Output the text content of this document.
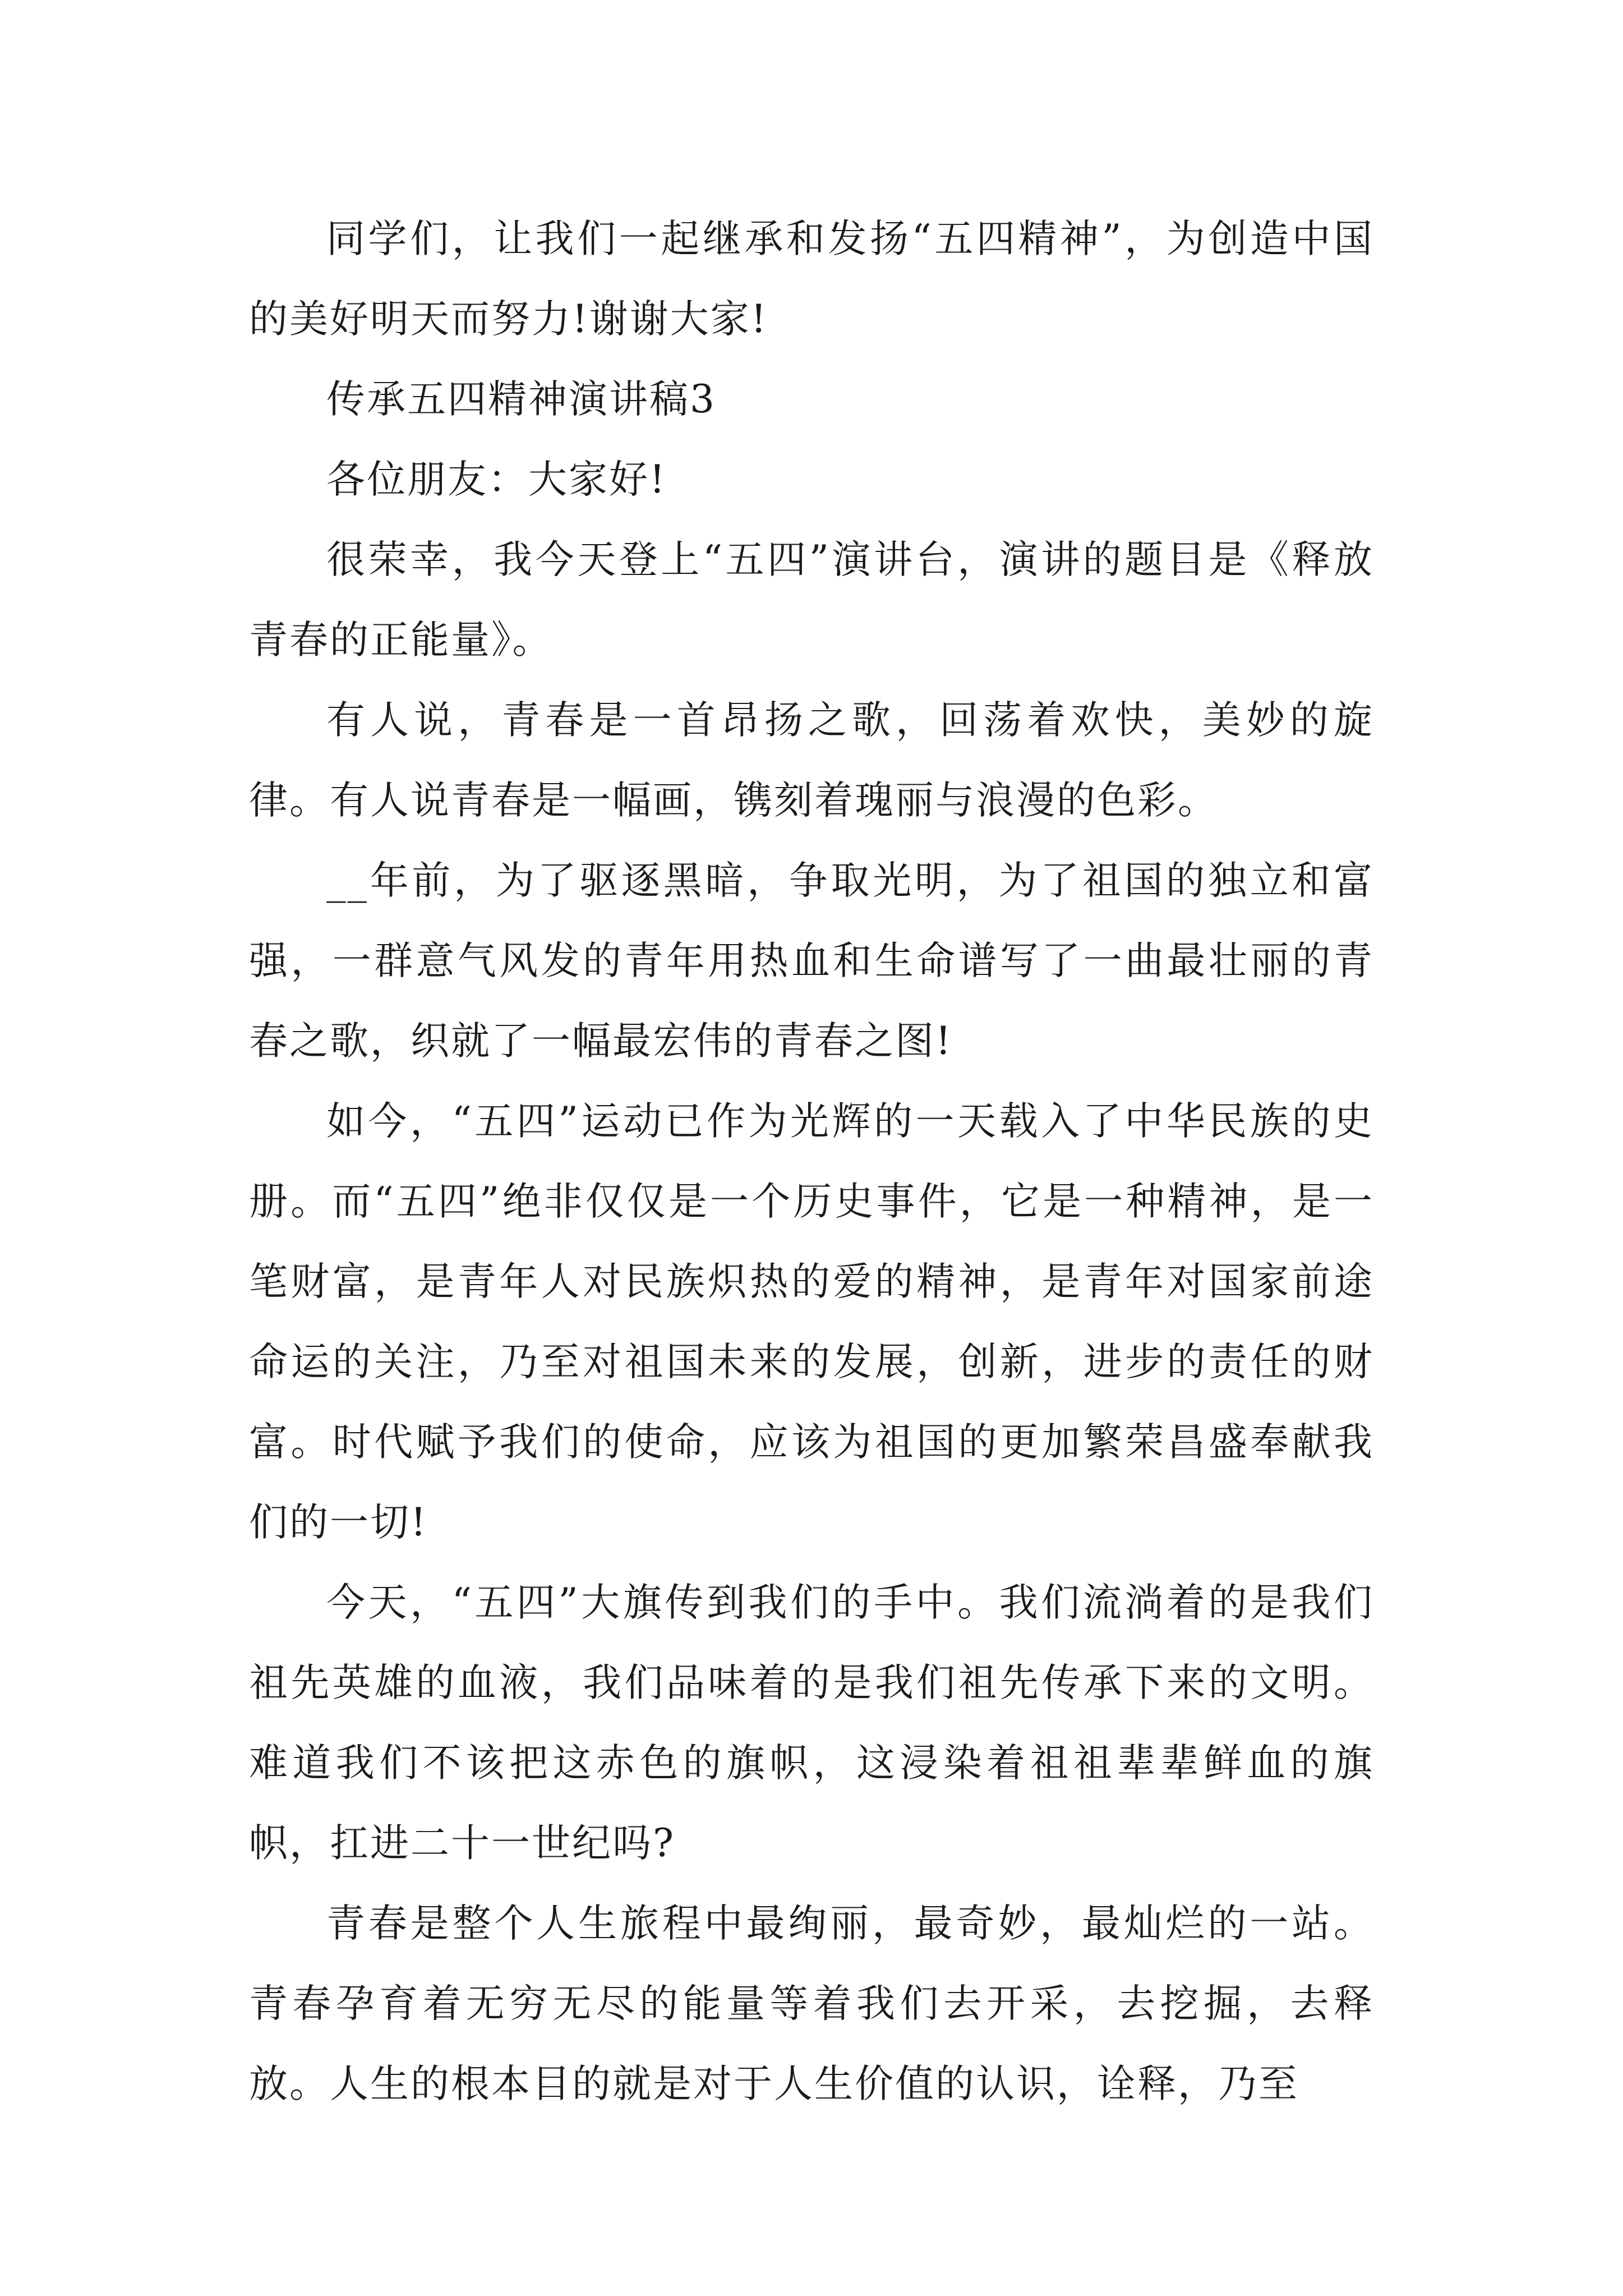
同学们，让我们一起继承和发扬“五四精神”，为创造中国的美好明天而努力!谢谢大家!

传承五四精神演讲稿3

各位朋友：大家好!

很荣幸，我今天登上“五四”演讲台，演讲的题目是《释放青春的正能量》。

有人说，青春是一首昂扬之歌，回荡着欢快，美妙的旋律。有人说青春是一幅画，镌刻着瑰丽与浪漫的色彩。

__年前，为了驱逐黑暗，争取光明，为了祖国的独立和富强，一群意气风发的青年用热血和生命谱写了一曲最壮丽的青春之歌，织就了一幅最宏伟的青春之图!

如今，“五四”运动已作为光辉的一天载入了中华民族的史册。而“五四”绝非仅仅是一个历史事件，它是一种精神，是一笔财富，是青年人对民族炽热的爱的精神，是青年对国家前途命运的关注，乃至对祖国未来的发展，创新，进步的责任的财富。时代赋予我们的使命，应该为祖国的更加繁荣昌盛奉献我们的一切!

今天，“五四”大旗传到我们的手中。我们流淌着的是我们祖先英雄的血液，我们品味着的是我们祖先传承下来的文明。难道我们不该把这赤色的旗帜，这浸染着祖祖辈辈鲜血的旗帜，扛进二十一世纪吗?

青春是整个人生旅程中最绚丽，最奇妙，最灿烂的一站。青春孕育着无穷无尽的能量等着我们去开采，去挖掘，去释放。人生的根本目的就是对于人生价值的认识，诠释，乃至
